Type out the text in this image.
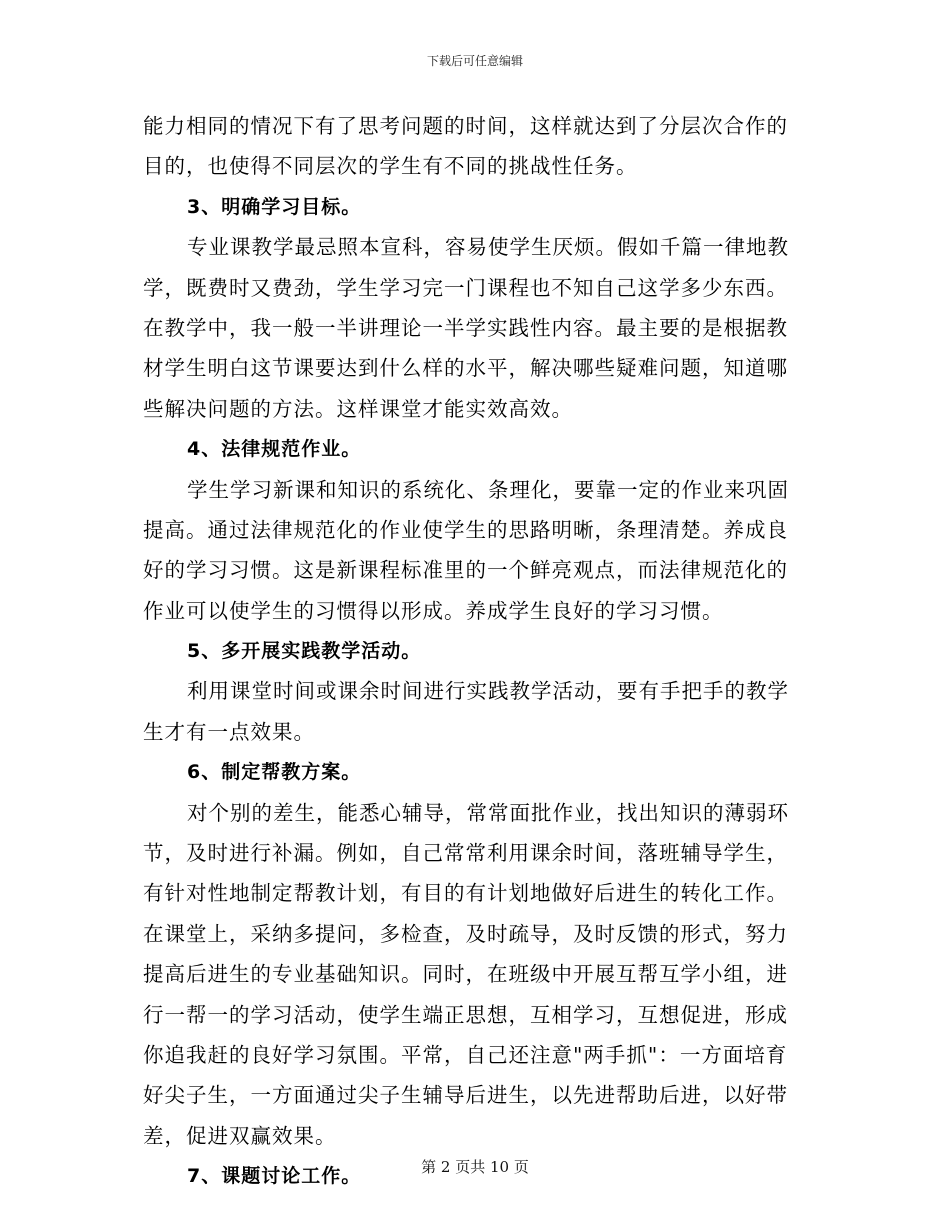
下载后可任意编辑
能力相同的情况下有了思考问题的时间，这样就达到了分层次合作的
目的，也使得不同层次的学生有不同的挑战性任务。
3、明确学习目标。
专业课教学最忌照本宣科，容易使学生厌烦。假如千篇一律地教
学，既费时又费劲，学生学习完一门课程也不知自己这学多少东西。
在教学中，我一般一半讲理论一半学实践性内容。最主要的是根据教
材学生明白这节课要达到什么样的水平，解决哪些疑难问题，知道哪
些解决问题的方法。这样课堂才能实效高效。
4、法律规范作业。
学生学习新课和知识的系统化、条理化，要靠一定的作业来巩固
提高。通过法律规范化的作业使学生的思路明晰，条理清楚。养成良
好的学习习惯。这是新课程标准里的一个鲜亮观点，而法律规范化的
作业可以使学生的习惯得以形成。养成学生良好的学习习惯。
5、多开展实践教学活动。
利用课堂时间或课余时间进行实践教学活动，要有手把手的教学
生才有一点效果。
6、制定帮教方案。
对个别的差生，能悉心辅导，常常面批作业，找出知识的薄弱环
节，及时进行补漏。例如，自己常常利用课余时间，落班辅导学生，
有针对性地制定帮教计划，有目的有计划地做好后进生的转化工作。
在课堂上，采纳多提问，多检查，及时疏导，及时反馈的形式，努力
提高后进生的专业基础知识。同时，在班级中开展互帮互学小组，进
行一帮一的学习活动，使学生端正思想，互相学习，互想促进，形成
你追我赶的良好学习氛围。平常，自己还注意"两手抓"：一方面培育
好尖子生，一方面通过尖子生辅导后进生，以先进帮助后进，以好带
差，促进双赢效果。
7、课题讨论工作。	第 2 页共 10 页
